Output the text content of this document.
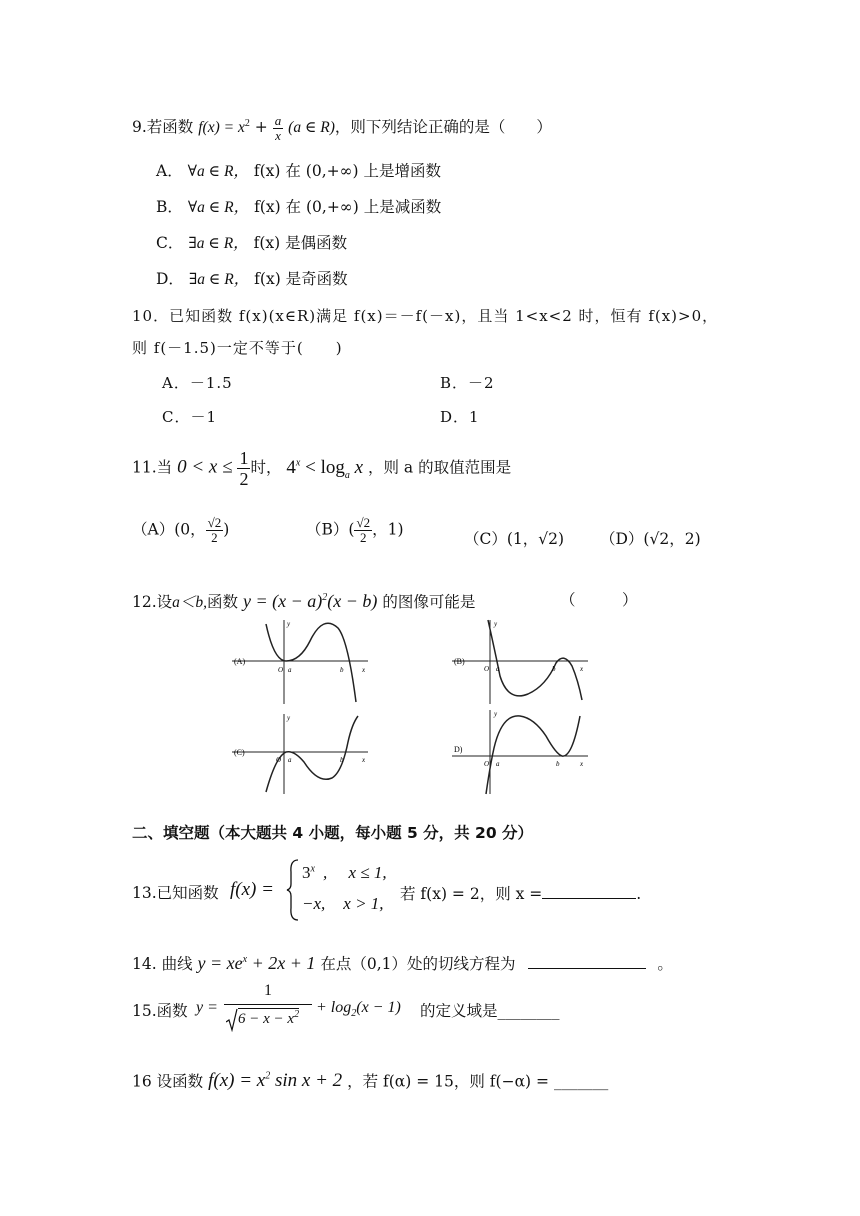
9.若函数 $f(x) = x^2 + \frac{a}{x} (a$ ∈ R)，则下列结论正确的是（　　）
A． ∀a ∈ R， f(x) 在 (0,+∞) 上是增函数
B． ∀a ∈ R， f(x) 在 (0,+∞) 上是减函数
C． ∃a ∈ R， f(x) 是偶函数
D． ∃a ∈ R， f(x) 是奇函数
10．已知函数 f(x)(x∈R)满足 f(x)＝－f(－x)，且当 1<x<2 时，恒有 f(x)>0，
则 f(－1.5)一定不等于(　　)
A．－1.5	B．－2
C．－1	D．1
11.当 $0 < x \le \frac{1}{2}$ 时， $4^x < \log_a x$ ，则 a 的取值范围是
（A）(0， $\frac{√2}{2}$ )	$(B)( \frac{√2}{2}$ ，1)
（C）(1，√2) （D）(√2，2)
12.设a＜b,函数 $y = (x - a)^2(x - b)$ 的图像可能是	（　　　）
(A)
O a	b	x
y
(B)
O a	b	x
y
(C)
O a	b	x
y
D)
O a	b	x
y
二、填空题（本大题共 4 小题，每小题 5 分，共 20 分）
13.已知函数 f(x) =
$3^x$ ,　 x ≤ 1,
−x, x > 1, 若 f(x) = 2，则 x =	.
14. 曲线 $y = xe^x + 2x + 1$ 在点（0,1）处的切线方程为	。
15.函数 y =
1
$6 - x - x^2 + \log_2(x - 1)$ 的定义域是________
16 设函数 $f(x) = x^2$ sin x + 2 ，若 f(α) = 15，则 f(−α) = _______
